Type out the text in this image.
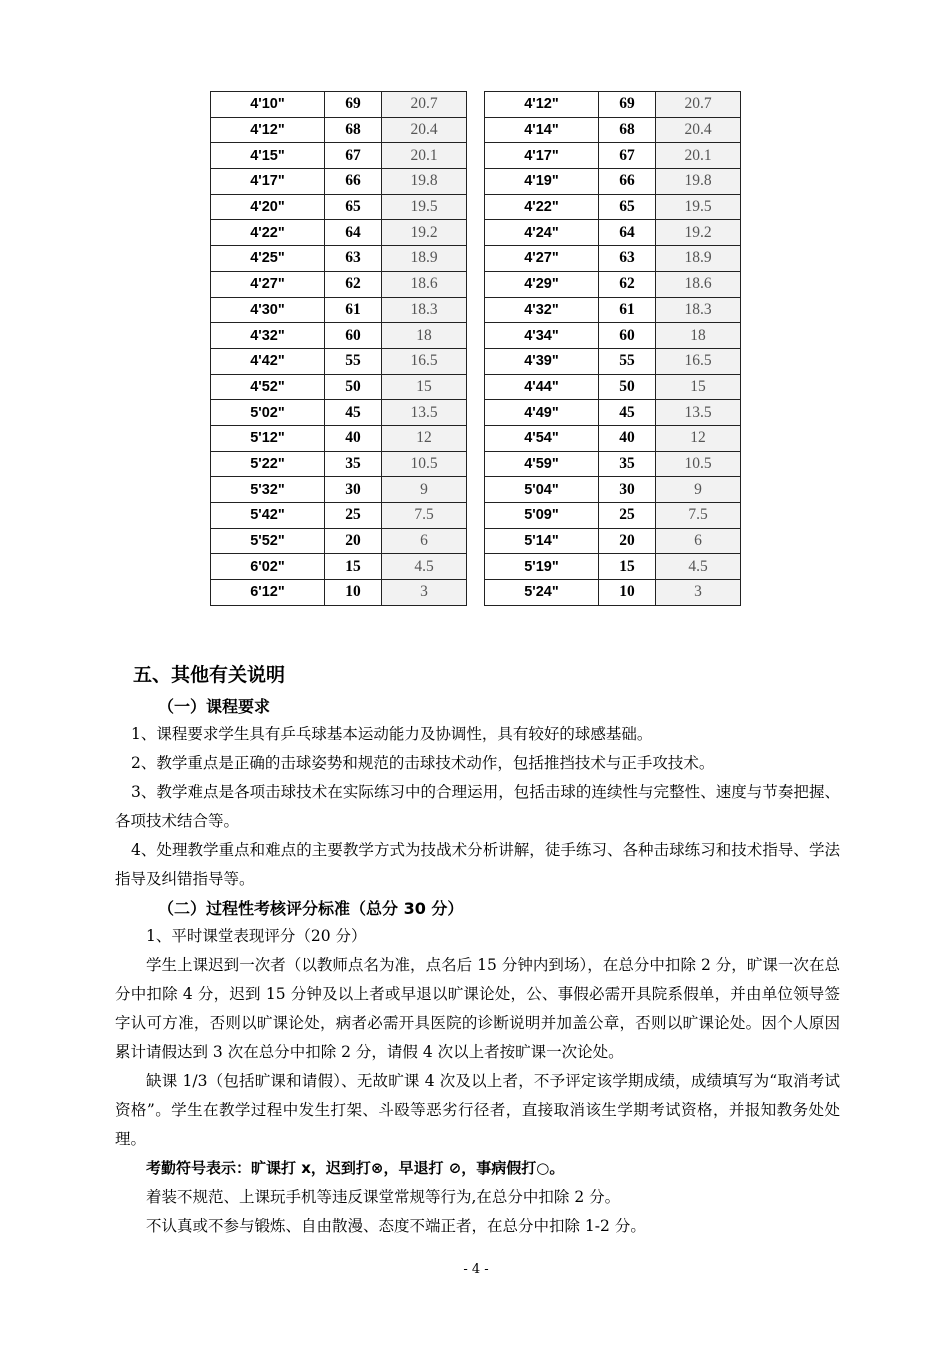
4'10"	69	20.7
4'12"	68	20.4
4'15"	67	20.1
4'17"	66	19.8
4'20"	65	19.5
4'22"	64	19.2
4'25"	63	18.9
4'27"	62	18.6
4'30"	61	18.3
4'32"	60	18
4'42"	55	16.5
4'52"	50	15
5'02"	45	13.5
5'12"	40	12
5'22"	35	10.5
5'32"	30	9
5'42"	25	7.5
5'52"	20	6
6'02"	15	4.5
6'12"	10	3
4'12"	69	20.7
4'14"	68	20.4
4'17"	67	20.1
4'19"	66	19.8
4'22"	65	19.5
4'24"	64	19.2
4'27"	63	18.9
4'29"	62	18.6
4'32"	61	18.3
4'34"	60	18
4'39"	55	16.5
4'44"	50	15
4'49"	45	13.5
4'54"	40	12
4'59"	35	10.5
5'04"	30	9
5'09"	25	7.5
5'14"	20	6
5'19"	15	4.5
5'24"	10	3
五、其他有关说明
（一）课程要求
1、课程要求学生具有乒乓球基本运动能力及协调性，具有较好的球感基础。
2、教学重点是正确的击球姿势和规范的击球技术动作，包括推挡技术与正手攻技术。
3、教学难点是各项击球技术在实际练习中的合理运用，包括击球的连续性与完整性、速度与节奏把握、各项技术结合等。
4、处理教学重点和难点的主要教学方式为技战术分析讲解，徒手练习、各种击球练习和技术指导、学法指导及纠错指导等。
（二）过程性考核评分标准（总分 30 分）
1、平时课堂表现评分（20 分）
学生上课迟到一次者（以教师点名为准，点名后 15 分钟内到场），在总分中扣除 2 分，旷课一次在总分中扣除 4 分，迟到 15 分钟及以上者或早退以旷课论处，公、事假必需开具院系假单，并由单位领导签字认可方准，否则以旷课论处，病者必需开具医院的诊断说明并加盖公章，否则以旷课论处。因个人原因累计请假达到 3 次在总分中扣除 2 分，请假 4 次以上者按旷课一次论处。
缺课 1/3（包括旷课和请假）、无故旷课 4 次及以上者，不予评定该学期成绩，成绩填写为“取消考试资格”。学生在教学过程中发生打架、斗殴等恶劣行径者，直接取消该生学期考试资格，并报知教务处处理。
考勤符号表示：旷课打 x，迟到打⊗，早退打 ⊘，事病假打○。
着装不规范、上课玩手机等违反课堂常规等行为,在总分中扣除 2 分。
不认真或不参与锻炼、自由散漫、态度不端正者，在总分中扣除 1-2 分。
- 4 -
